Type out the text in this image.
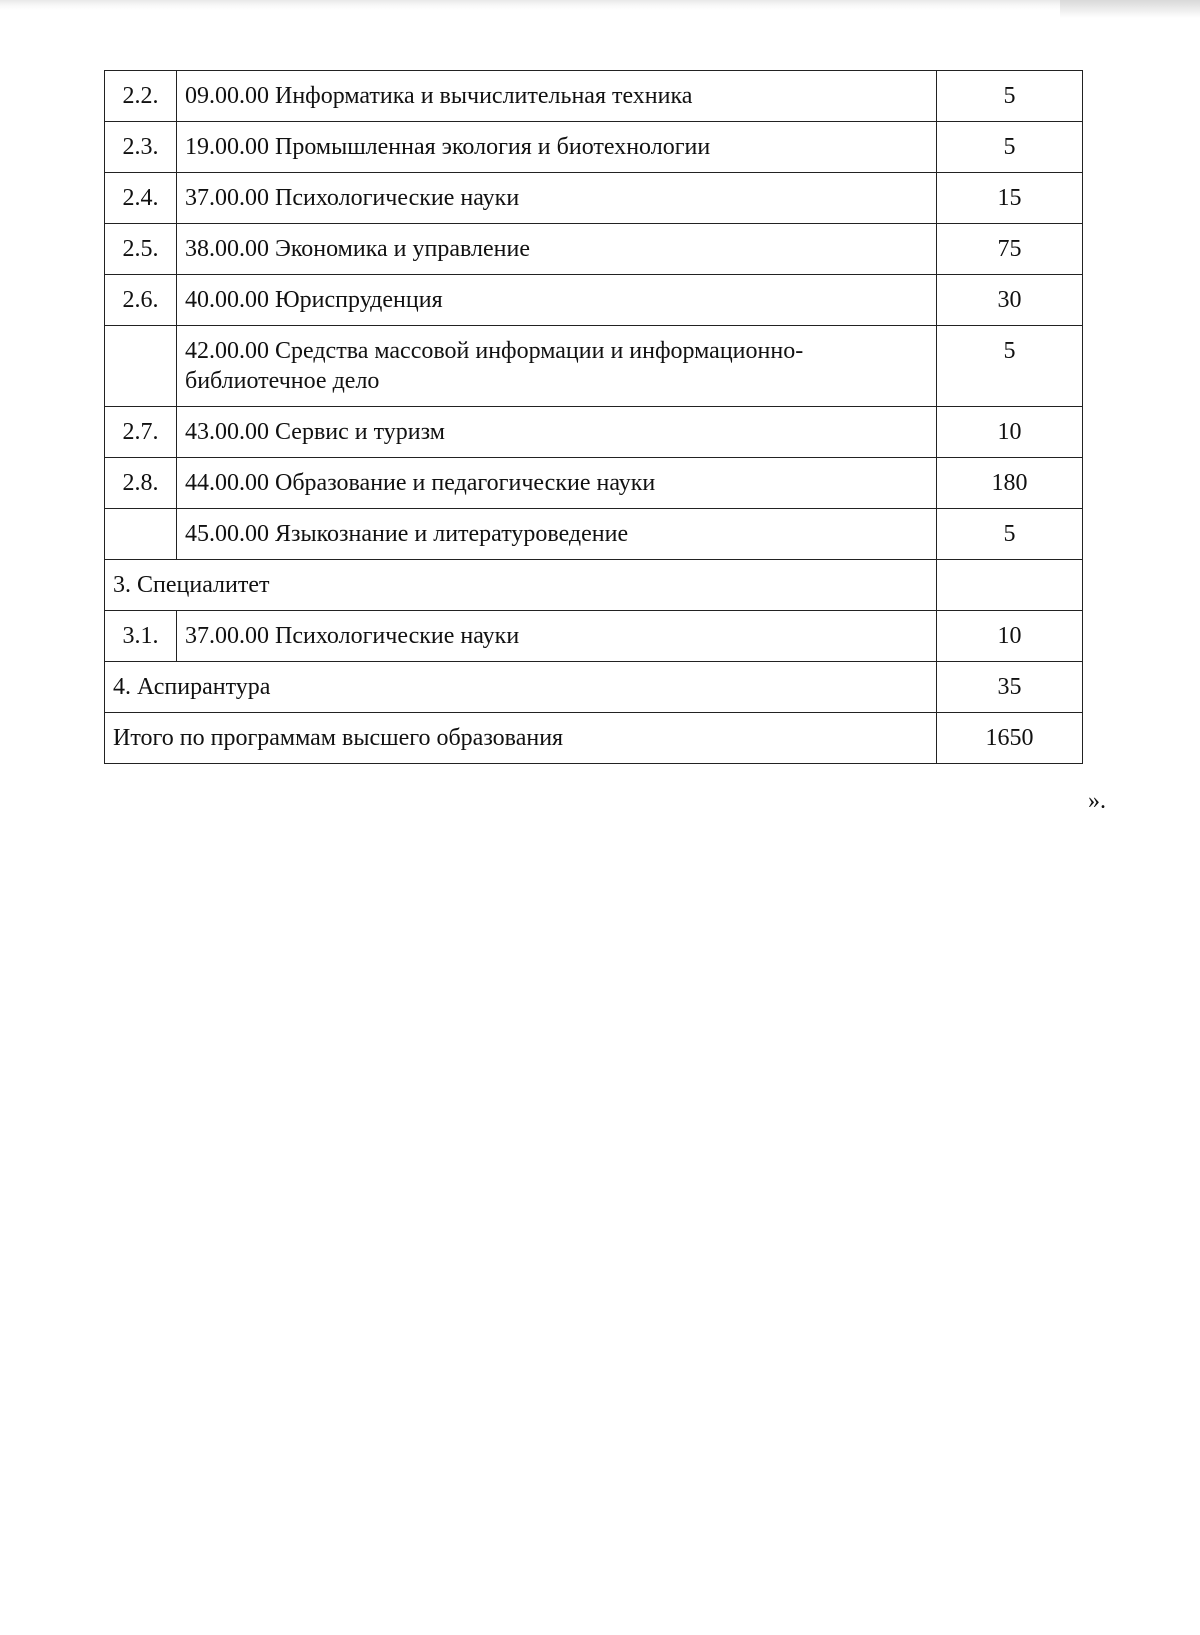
2.2.	09.00.00 Информатика и вычислительная техника	5
2.3.	19.00.00 Промышленная экология и биотехнологии	5
2.4.	37.00.00 Психологические науки	15
2.5.	38.00.00 Экономика и управление	75
2.6.	40.00.00 Юриспруденция	30
	42.00.00 Средства массовой информации и информационно-библиотечное дело	5
2.7.	43.00.00 Сервис и туризм	10
2.8.	44.00.00 Образование и педагогические науки	180
	45.00.00 Языкознание и литературоведение	5
3. Специалитет		
3.1.	37.00.00 Психологические науки	10
4. Аспирантура		35
Итого по программам высшего образования		1650
».
